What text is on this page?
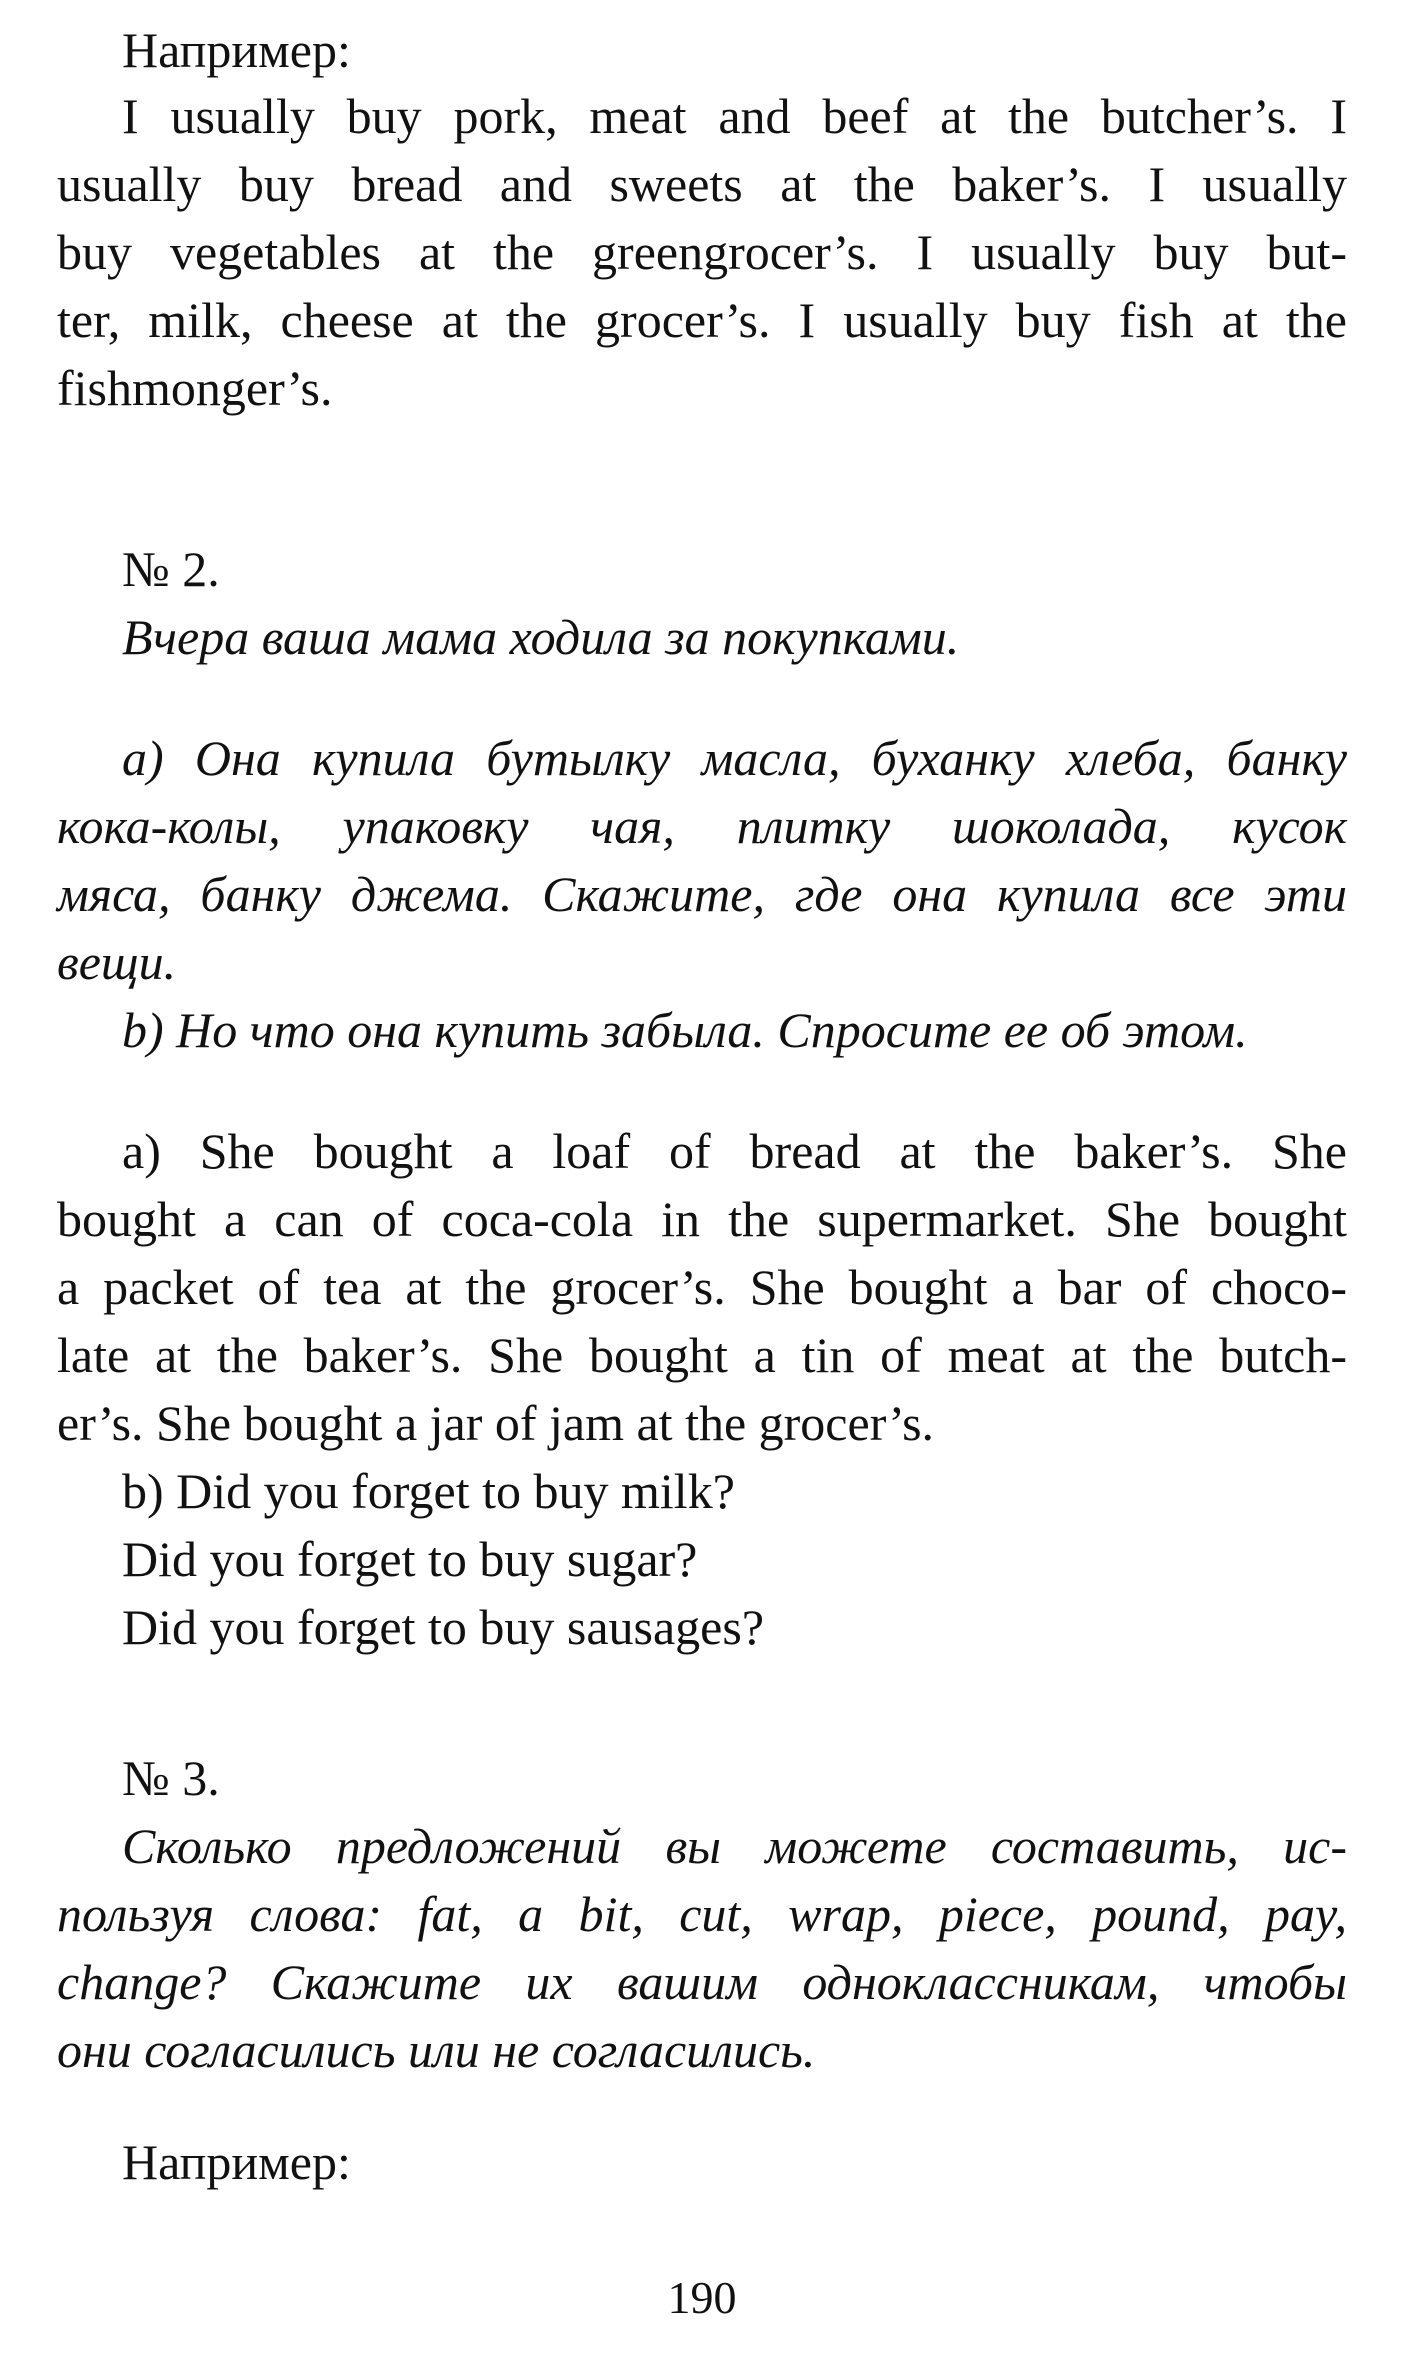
Например:
I usually buy pork, meat and beef at the butcher’s. I
usually buy bread and sweets at the baker’s. I usually
buy vegetables at the greengrocer’s. I usually buy but-
ter, milk, cheese at the grocer’s. I usually buy fish at the
fishmonger’s.
№ 2.
Вчера ваша мама ходила за покупками.
a) Она купила бутылку масла, буханку хлеба, банку
кока-колы, упаковку чая, плитку шоколада, кусок
мяса, банку джема. Скажите, где она купила все эти
вещи.
b) Но что она купить забыла. Спросите ее об этом.
a) She bought a loaf of bread at the baker’s. She
bought a can of coca-cola in the supermarket. She bought
a packet of tea at the grocer’s. She bought a bar of choco-
late at the baker’s. She bought a tin of meat at the butch-
er’s. She bought a jar of jam at the grocer’s.
b) Did you forget to buy milk?
Did you forget to buy sugar?
Did you forget to buy sausages?
№ 3.
Сколько предложений вы можете составить, ис-
пользуя слова: fat, a bit, cut, wrap, piece, pound, pay,
change? Скажите их вашим одноклассникам, чтобы
они согласились или не согласились.
Например:
190
